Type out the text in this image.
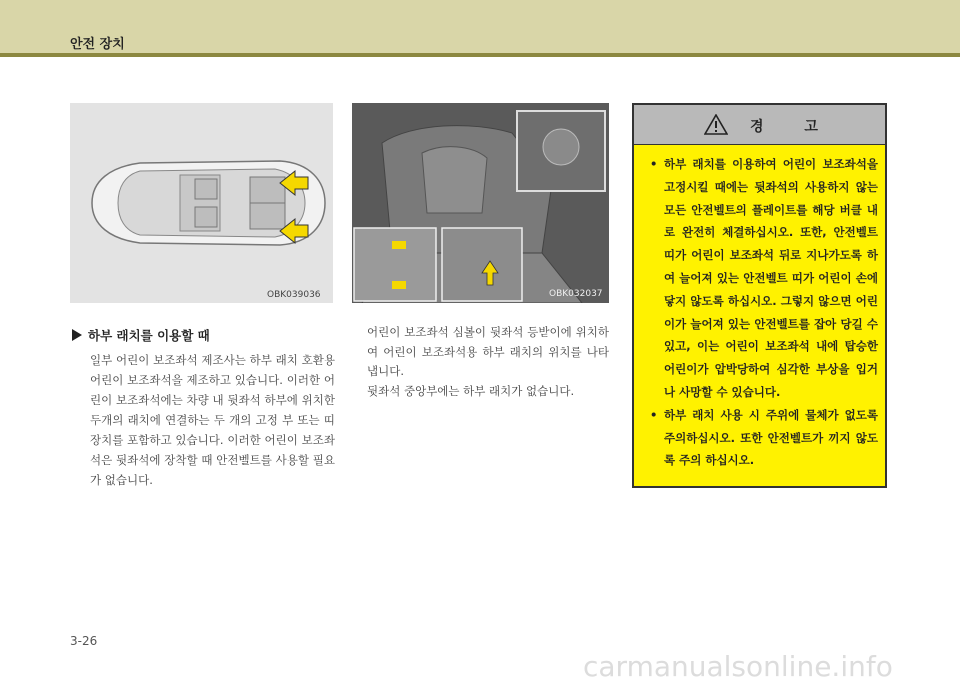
안전 장치
OBK039036	OBK032037
하부 래치를 이용할 때
일부 어린이 보조좌석 제조사는 하부 래치 호환용 어린이 보조좌석을 제조하고 있습니다. 이러한 어린이 보조좌석에는 차량 내 뒷좌석 하부에 위치한 두개의 래치에 연결하는 두 개의 고정 부 또는 띠 장치를 포함하고 있습니다. 이러한 어린이 보조좌석은 뒷좌석에 장착할 때 안전벨트를 사용할 필요가 없습니다.

어린이 보조좌석 심볼이 뒷좌석 등받이에 위치하여 어린이 보조좌석용 하부 래치의 위치를 나타냅니다.

뒷좌석 중앙부에는 하부 래치가 없습니다.

경 고
• 하부 래치를 이용하여 어린이 보조좌석을 고정시킬 때에는 뒷좌석의 사용하지 않는 모든 안전벨트의 플레이트를 해당 버클 내로 완전히 체결하십시오. 또한, 안전벨트 띠가 어린이 보조좌석 뒤로 지나가도록 하여 늘어져 있는 안전벨트 띠가 어린이 손에 닿지 않도록 하십시오. 그렇지 않으면 어린이가 늘어져 있는 안전벨트를 잡아 당길 수 있고, 이는 어린이 보조좌석 내에 탑승한 어린이가 압박당하여 심각한 부상을 입거나 사망할 수 있습니다.
• 하부 래치 사용 시 주위에 물체가 없도록 주의하십시오. 또한 안전벨트가 끼지 않도록 주의 하십시오.
3-26
carmanualsonline.info
